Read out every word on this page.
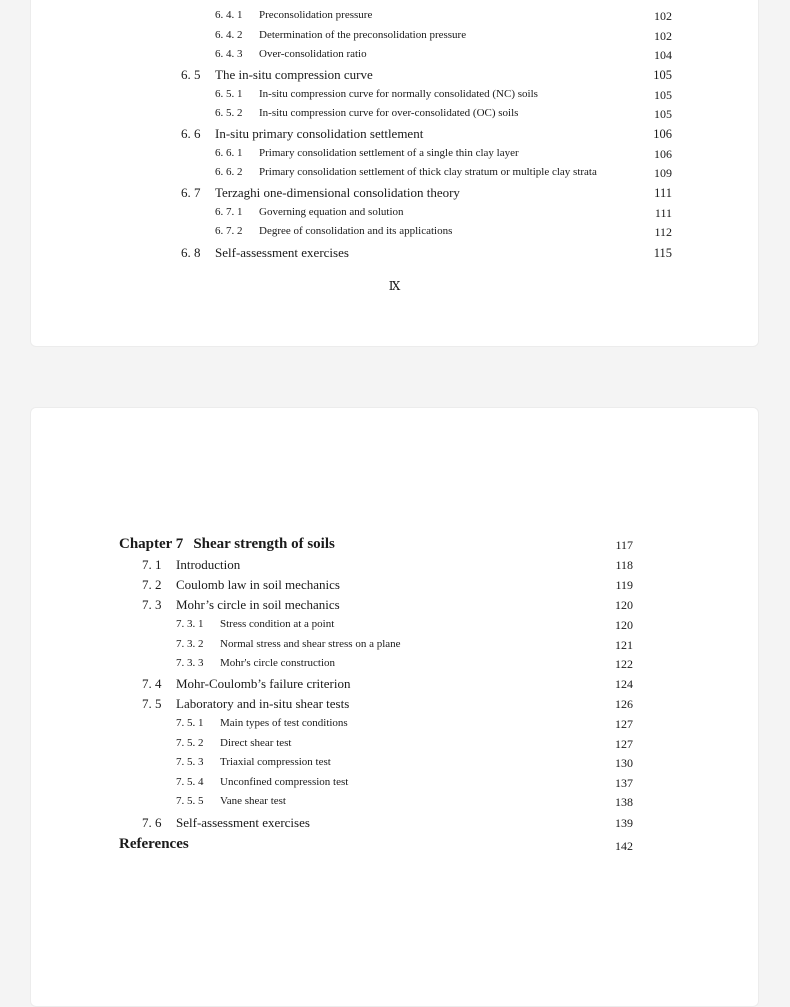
6. 4. 1 Preconsolidation pressure	102
6. 4. 2 Determination of the preconsolidation pressure	102
6. 4. 3 Over-consolidation ratio	104
6. 5 The in-situ compression curve	105
6. 5. 1 In-situ compression curve for normally consolidated (NC) soils	105
6. 5. 2 In-situ compression curve for over-consolidated (OC) soils	105
6. 6 In-situ primary consolidation settlement	106
6. 6. 1 Primary consolidation settlement of a single thin clay layer	106
6. 6. 2 Primary consolidation settlement of thick clay stratum or multiple clay strata	109
6. 7 Terzaghi one-dimensional consolidation theory	111
6. 7. 1 Governing equation and solution	111
6. 7. 2 Degree of consolidation and its applications	112
6. 8 Self-assessment exercises	115
Ⅸ
Chapter 7 Shear strength of soils	117
7. 1 Introduction	118
7. 2 Coulomb law in soil mechanics	119
7. 3 Mohr’s circle in soil mechanics	120
7. 3. 1 Stress condition at a point	120
7. 3. 2 Normal stress and shear stress on a plane	121
7. 3. 3 Mohr's circle construction	122
7. 4 Mohr-Coulomb’s failure criterion	124
7. 5 Laboratory and in-situ shear tests	126
7. 5. 1 Main types of test conditions	127
7. 5. 2 Direct shear test	127
7. 5. 3 Triaxial compression test	130
7. 5. 4 Unconfined compression test	137
7. 5. 5 Vane shear test	138
7. 6 Self-assessment exercises	139
References	142
